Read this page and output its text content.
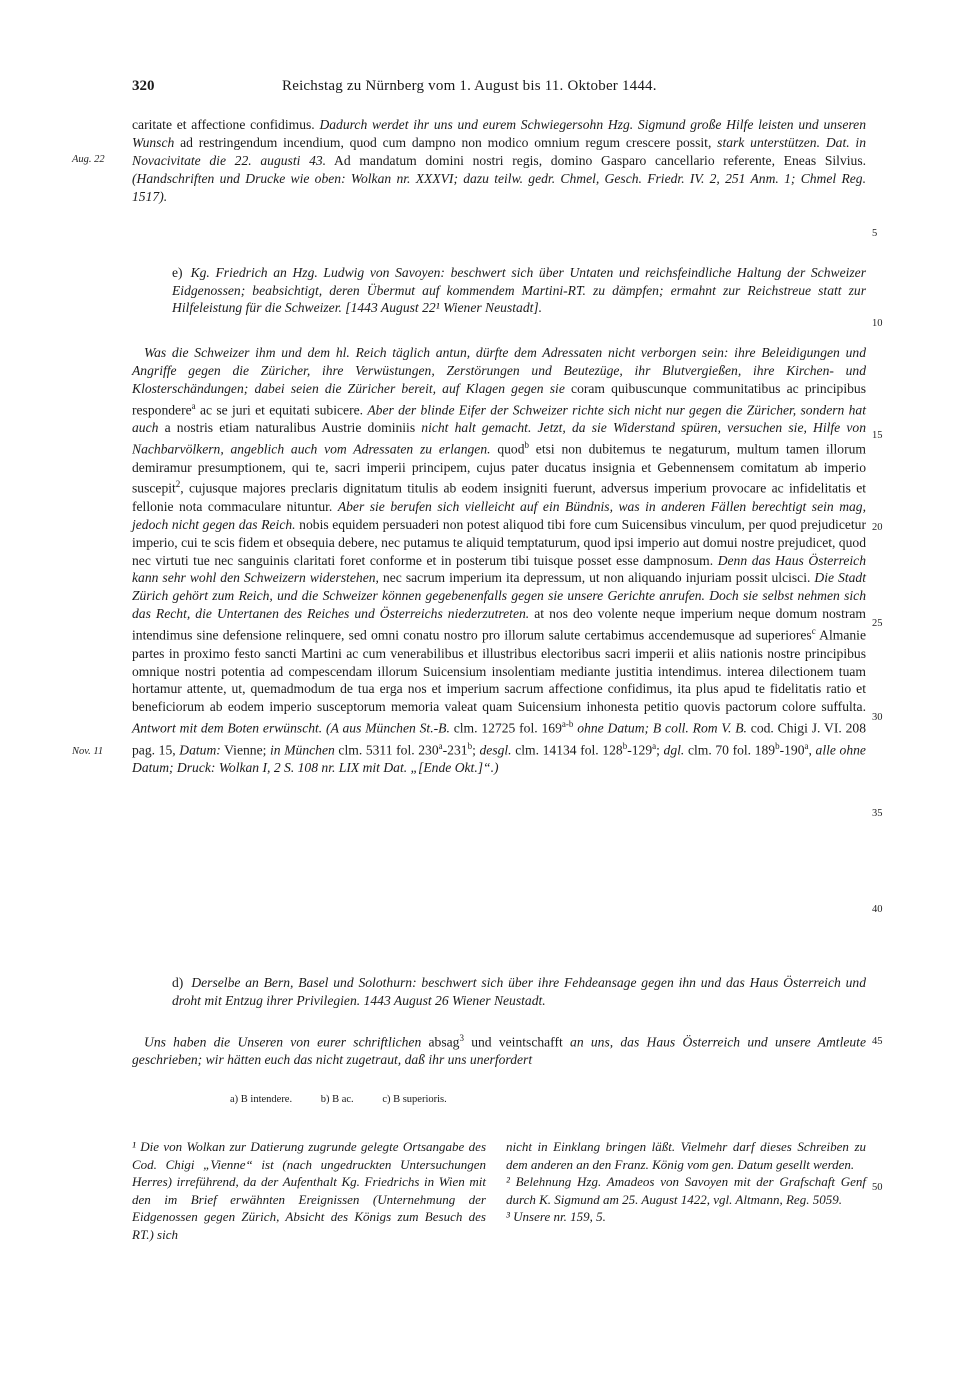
320	Reichstag zu Nürnberg vom 1. August bis 11. Oktober 1444.

caritate et affectione confidimus. Dadurch werdet ihr uns und eurem Schwiegersohn Hzg. Sigmund große Hilfe leisten und unseren Wunsch ad restringendum incendium, quod cum dampno non modico omnium regum crescere possit, stark unterstützen. Dat. in Novacivitate die 22. augusti 43. Ad mandatum domini nostri regis, domino Gasparo cancellario referente, Eneas Silvius. (Handschriften und Drucke wie oben: Wolkan nr. XXXVI; dazu teilw. gedr. Chmel, Gesch. Friedr. IV. 2, 251 Anm. 1; Chmel Reg. 1517).

Aug. 22

e) Kg. Friedrich an Hzg. Ludwig von Savoyen: beschwert sich über Untaten und reichsfeindliche Haltung der Schweizer Eidgenossen; beabsichtigt, deren Übermut auf kommendem Martini-RT. zu dämpfen; ermahnt zur Reichstreue statt zur Hilfeleistung für die Schweizer. [1443 August 22¹ Wiener Neustadt].

Was die Schweizer ihm und dem hl. Reich täglich antun, dürfte dem Adressaten nicht verborgen sein: ihre Beleidigungen und Angriffe gegen die Züricher, ihre Verwüstungen, Zerstörungen und Beutezüge, ihr Blutvergießen, ihre Kirchen- und Klosterschändungen; dabei seien die Züricher bereit, auf Klagen gegen sie coram quibuscunque communitatibus ac principibus respondere$^a$ ac se juri et equitati subicere. Aber der blinde Eifer der Schweizer richte sich nicht nur gegen die Züricher, sondern hat auch a nostris etiam naturalibus Austrie dominiis nicht halt gemacht. Jetzt, da sie Widerstand spüren, versuchen sie, Hilfe von Nachbarvölkern, angeblich auch vom Adressaten zu erlangen. quod$^b$ etsi non dubitemus te negaturum, multum tamen illorum demiramur presumptionem, qui te, sacri imperii principem, cujus pater ducatus insignia et Gebennensem comitatum ab imperio suscepit$^2$, cujusque majores preclaris dignitatum titulis ab eodem insigniti fuerunt, adversus imperium provocare ac infidelitatis et fellonie nota commaculare nituntur. Aber sie berufen sich vielleicht auf ein Bündnis, was in anderen Fällen berechtigt sein mag, jedoch nicht gegen das Reich. nobis equidem persuaderi non potest aliquod tibi fore cum Suicensibus vinculum, per quod prejudicetur imperio, cui te scis fidem et obsequia debere, nec putamus te aliquid temptaturum, quod ipsi imperio aut domui nostre prejudicet, quod nec virtuti tue nec sanguinis claritati foret conforme et in posterum tibi tuisque posset esse dampnosum. Denn das Haus Österreich kann sehr wohl den Schweizern widerstehen, nec sacrum imperium ita depressum, ut non aliquando injuriam possit ulcisci. Die Stadt Zürich gehört zum Reich, und die Schweizer können gegebenenfalls gegen sie unsere Gerichte anrufen. Doch sie selbst nehmen sich das Recht, die Untertanen des Reiches und Österreichs niederzutreten. at nos deo volente neque imperium neque domum nostram intendimus sine defensione relinquere, sed omni conatu nostro pro illorum salute certabimus accendemusque ad superiores$^c$ Almanie partes in proximo festo sancti Martini ac cum venerabilibus et illustribus electoribus sacri imperii et aliis nationis nostre principibus omnique nostri potentia ad compescendam illorum Suicensium insolentiam mediante justitia intendimus. interea dilectionem tuam hortamur attente, ut, quemadmodum de tua erga nos et imperium sacrum affectione confidimus, ita plus apud te fidelitatis ratio et beneficiorum ab eodem imperio susceptorum memoria valeat quam Suicensium inhonesta petitio quovis pactorum colore suffulta. Antwort mit dem Boten erwünscht. (A aus München St.-B. clm. 12725 fol. 169$^{a-b}$ ohne Datum; B coll. Rom V. B. cod. Chigi J. VI. 208 pag. 15, Datum: Vienne; in München clm. 5311 fol. 230$^a$-231$^b$; desgl. clm. 14134 fol. 128$^b$-129$^a$; dgl. clm. 70 fol. 189$^b$-190$^a$, alle ohne Datum; Druck: Wolkan I, 2 S. 108 nr. LIX mit Dat. „[Ende Okt.]“.)

Nov. 11

d) Derselbe an Bern, Basel und Solothurn: beschwert sich über ihre Fehdeansage gegen ihn und das Haus Österreich und droht mit Entzug ihrer Privilegien. 1443 August 26 Wiener Neustadt.

Uns haben die Unseren von eurer schriftlichen absag$^3$ und veintschafft an uns, das Haus Österreich und unsere Amtleute geschrieben; wir hätten euch das nicht zugetraut, daß ihr uns unerfordert

a) B intendere.	b) B ac.	c) B superioris.

¹ Die von Wolkan zur Datierung zugrunde gelegte Ortsangabe des Cod. Chigi „Vienne“ ist (nach ungedruckten Untersuchungen Herres) irreführend, da der Aufenthalt Kg. Friedrichs in Wien mit den im Brief erwähnten Ereignissen (Unternehmung der Eidgenossen gegen Zürich, Absicht des Königs zum Besuch des RT.) sich

nicht in Einklang bringen läßt. Vielmehr darf dieses Schreiben zu dem anderen an den Franz. König vom gen. Datum gesellt werden.

² Belehnung Hzg. Amadeos von Savoyen mit der Grafschaft Genf durch K. Sigmund am 25. August 1422, vgl. Altmann, Reg. 5059.

³ Unsere nr. 159, 5.

5
10
15
20
25
30
35
40
45
50
